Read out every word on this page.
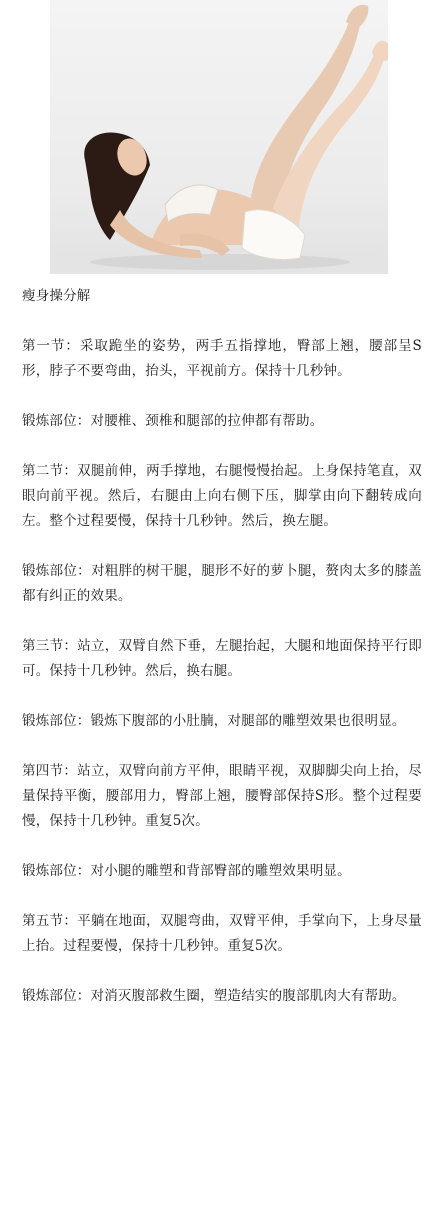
瘦身操分解

第一节：采取跪坐的姿势，两手五指撑地，臀部上翘，腰部呈S形，脖子不要弯曲，抬头，平视前方。保持十几秒钟。

锻炼部位：对腰椎、颈椎和腿部的拉伸都有帮助。

第二节：双腿前伸，两手撑地，右腿慢慢抬起。上身保持笔直，双眼向前平视。然后，右腿由上向右侧下压，脚掌由向下翻转成向左。整个过程要慢，保持十几秒钟。然后，换左腿。

锻炼部位：对粗胖的树干腿，腿形不好的萝卜腿，赘肉太多的膝盖都有纠正的效果。

第三节：站立，双臂自然下垂，左腿抬起，大腿和地面保持平行即可。保持十几秒钟。然后，换右腿。

锻炼部位：锻炼下腹部的小肚腩，对腿部的雕塑效果也很明显。

第四节：站立，双臂向前方平伸，眼睛平视，双脚脚尖向上抬，尽量保持平衡，腰部用力，臀部上翘，腰臀部保持S形。整个过程要慢，保持十几秒钟。重复5次。

锻炼部位：对小腿的雕塑和背部臀部的雕塑效果明显。

第五节：平躺在地面，双腿弯曲，双臂平伸，手掌向下，上身尽量上抬。过程要慢，保持十几秒钟。重复5次。

锻炼部位：对消灭腹部救生圈，塑造结实的腹部肌肉大有帮助。
